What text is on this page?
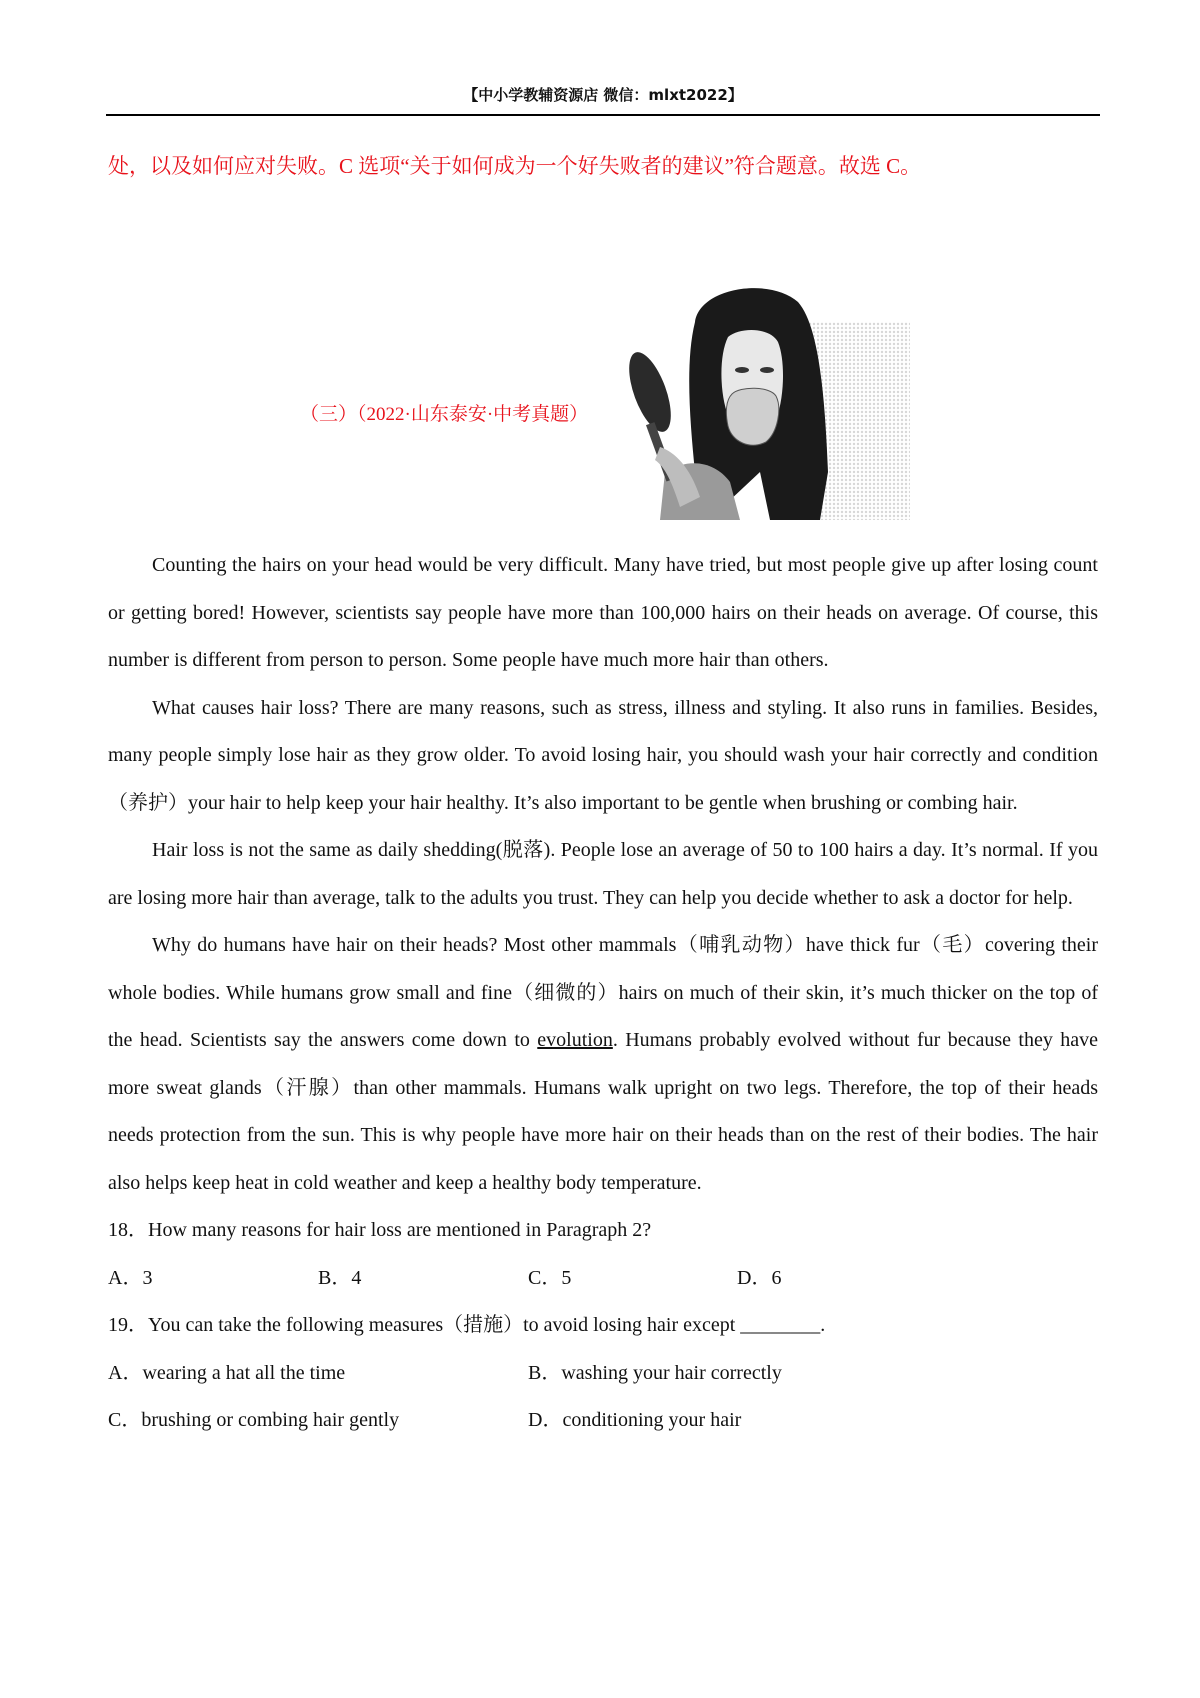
【中小学教辅资源店 微信：mlxt2022】
处，以及如何应对失败。C 选项“关于如何成为一个好失败者的建议”符合题意。故选 C。
（三）（2022·山东泰安·中考真题）

Counting the hairs on your head would be very difficult. Many have tried, but most people give up after losing count or getting bored! However, scientists say people have more than 100,000 hairs on their heads on average. Of course, this number is different from person to person. Some people have much more hair than others.

What causes hair loss? There are many reasons, such as stress, illness and styling. It also runs in families. Besides, many people simply lose hair as they grow older. To avoid losing hair, you should wash your hair correctly and condition（养护）your hair to help keep your hair healthy. It’s also important to be gentle when brushing or combing hair.

Hair loss is not the same as daily shedding(脱落). People lose an average of 50 to 100 hairs a day. It’s normal. If you are losing more hair than average, talk to the adults you trust. They can help you decide whether to ask a doctor for help.

Why do humans have hair on their heads? Most other mammals（哺乳动物）have thick fur（毛）covering their whole bodies. While humans grow small and fine（细微的）hairs on much of their skin, it’s much thicker on the top of the head. Scientists say the answers come down to evolution. Humans probably evolved without fur because they have more sweat glands（汗腺）than other mammals. Humans walk upright on two legs. Therefore, the top of their heads needs protection from the sun. This is why people have more hair on their heads than on the rest of their bodies. The hair also helps keep heat in cold weather and keep a healthy body temperature.

18．How many reasons for hair loss are mentioned in Paragraph 2?
A．3	B．4	C．5	D．6
19．You can take the following measures（措施）to avoid losing hair except ________.
A．wearing a hat all the time	B．washing your hair correctly
C．brushing or combing hair gently	D．conditioning your hair
